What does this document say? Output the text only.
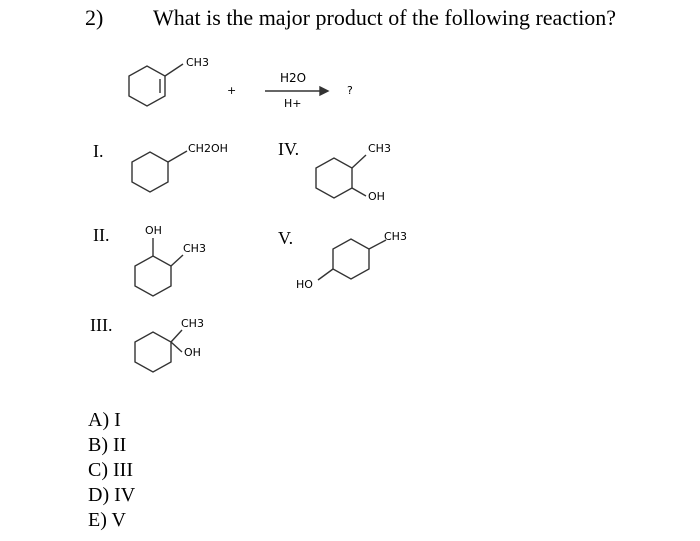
2) What is the major product of the following reaction?
CH3
+
H2O
H+
?
I.	CH2OH
II.	OH
CH3
III.	CH3
OH
IV.	CH3
OH
V.	CH3
HO
A) I
B) II
C) III
D) IV
E) V
